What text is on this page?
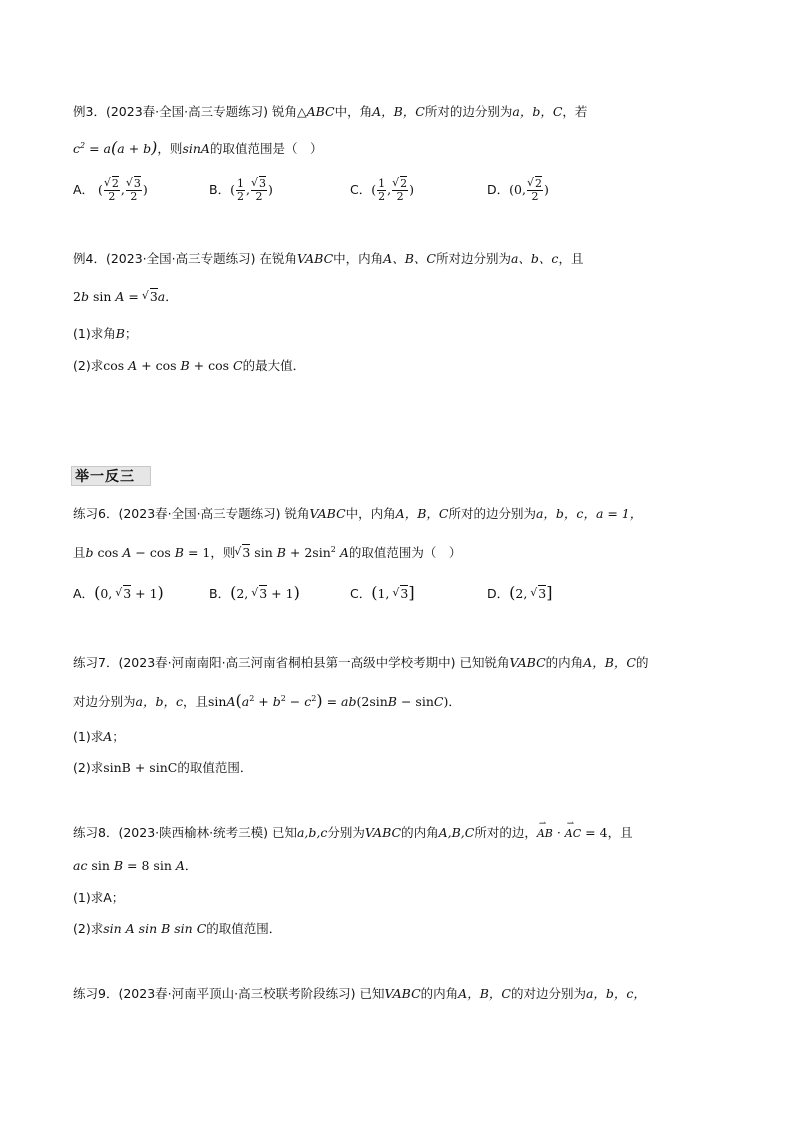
例3．(2023春·全国·高三专题练习) 锐角△ABC中，角A，B，C所对的边分别为a，b，C，若
$c^2 = a(a + b)$，则sinA的取值范围是（　）
A． ( √ $\frac{2}{2}$ , √ $\frac{3}{2}$ )	B．( $\frac{1}{2}$ , √ $\frac{3}{2}$ )	C．( $\frac{1}{2}$ , √ $\frac{2}{2}$ )	D．(0, √ $\frac{2}{2}$ )
例4．(2023·全国·高三专题练习) 在锐角VABC中，内角A、B、C所对边分别为a、b、c，且
2b sin A = √ 3a．
(1)求角B；
(2)求cos A + cos B + cos C的最大值．
举一反三
练习6．(2023春·全国·高三专题练习) 锐角VABC中，内角A，B，C所对的边分别为a，b，c，a = 1，
且b cos A − cos B = 1，则 √ 3 $\sin B + 2\sin^2$ A的取值范围为（　）
A．(0, √ 3 + 1)	B．(2, √ 3 + 1)	C．(1, √ 3]	D．(2, √ 3]
练习7．(2023春·河南南阳·高三河南省桐柏县第一高级中学校考期中) 已知锐角VABC的内角A，B，C的
对边分别为a，b，c，且$\sin A(a^2 + b^2 - c^2) = ab(2\sin B - \sin C)$．
(1)求A；
(2)求sinB + sinC的取值范围．
练习8．(2023·陕西榆林·统考三模) 已知a,b,c分别为VABC的内角A,B,C所对的边，⇀ AB · ⇀ AC = 4，且
ac sin B = 8 sin A．
(1)求A；
(2)求sin A sin B sin C的取值范围．
练习9．(2023春·河南平顶山·高三校联考阶段练习) 已知VABC的内角A，B，C的对边分别为a，b，c，
